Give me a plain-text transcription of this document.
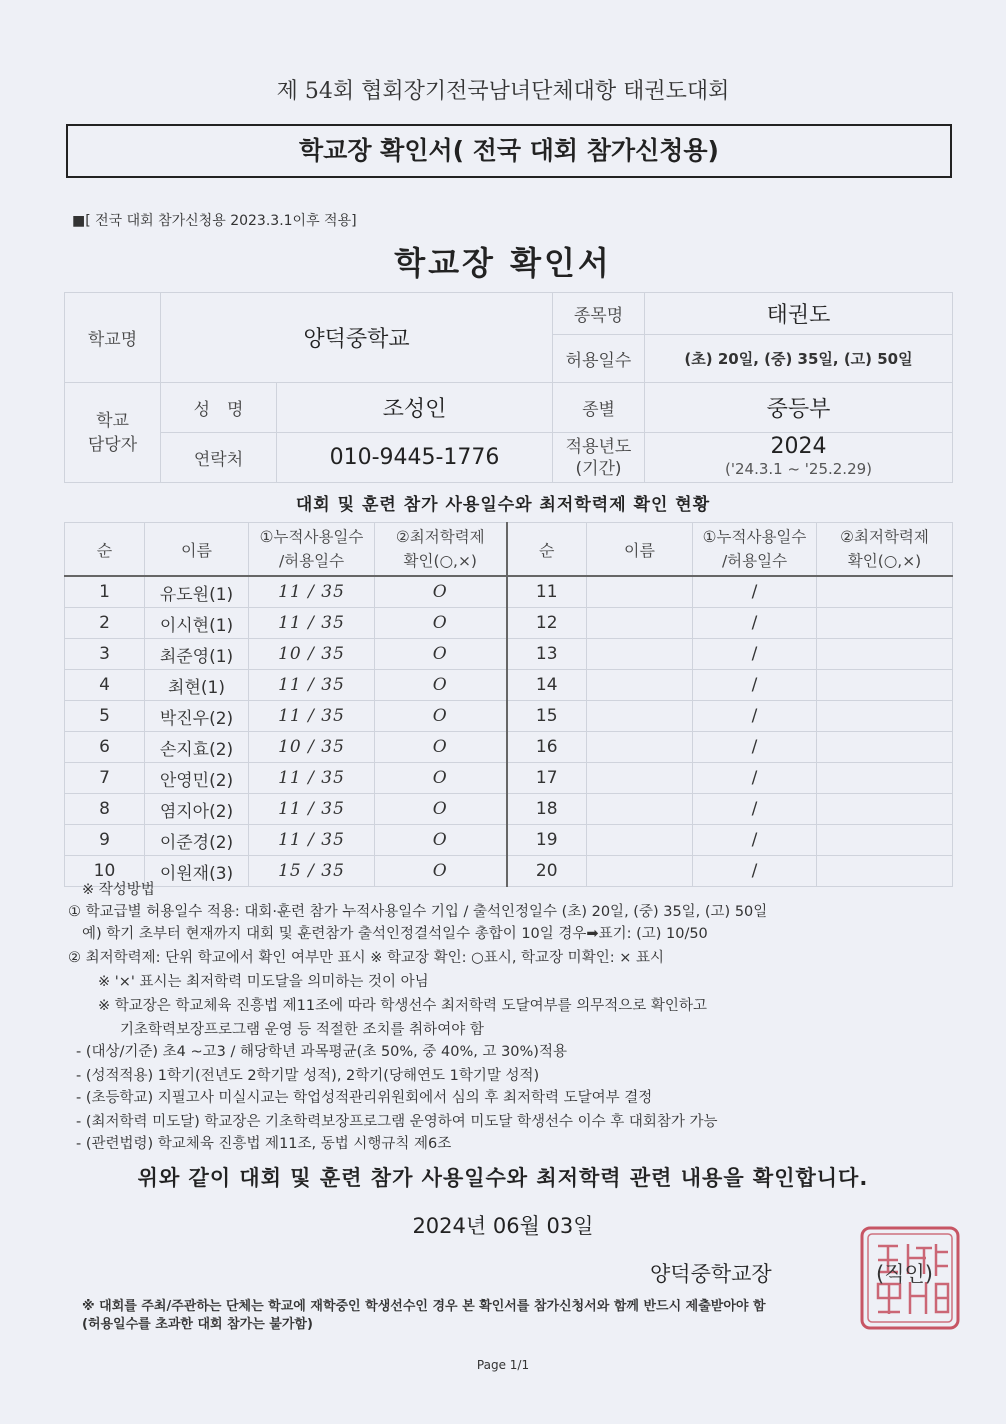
제 54회 협회장기전국남녀단체대항 태권도대회
학교장 확인서( 전국 대회 참가신청용)
■[ 전국 대회 참가신청용 2023.3.1이후 적용]
학교장 확인서
학교명	양덕중학교		종목명	태권도
			허용일수	(초) 20일, (중) 35일, (고) 50일
학교
담당자	성　명	조성인	종별	중등부
	연락처	010-9445-1776	적용년도
(기간)	2024
('24.3.1 ~ '25.2.29)
대회 및 훈련 참가 사용일수와 최저학력제 확인 현황
순	이름	①누적사용일수
/허용일수	②최저학력제
확인(○,×)	순	이름	①누적사용일수
/허용일수	②최저학력제
확인(○,×)
1	유도원(1)	11 / 35	O	11		/	
2	이시현(1)	11 / 35	O	12		/	
3	최준영(1)	10 / 35	O	13		/	
4	최현(1)	11 / 35	O	14		/	
5	박진우(2)	11 / 35	O	15		/	
6	손지효(2)	10 / 35	O	16		/	
7	안영민(2)	11 / 35	O	17		/	
8	염지아(2)	11 / 35	O	18		/	
9	이준경(2)	11 / 35	O	19		/	
10	이원재(3)	15 / 35	O	20		/	
※ 작성방법
① 학교급별 허용일수 적용: 대회·훈련 참가 누적사용일수 기입 / 출석인정일수 (초) 20일, (중) 35일, (고) 50일
예) 학기 초부터 현재까지 대회 및 훈련참가 출석인정결석일수 총합이 10일 경우➡표기: (고) 10/50
② 최저학력제: 단위 학교에서 확인 여부만 표시 ※ 학교장 확인: ○표시, 학교장 미확인: × 표시
※ '×' 표시는 최저학력 미도달을 의미하는 것이 아님
※ 학교장은 학교체육 진흥법 제11조에 따라 학생선수 최저학력 도달여부를 의무적으로 확인하고
기초학력보장프로그램 운영 등 적절한 조치를 취하여야 함
- (대상/기준) 초4 ~고3 / 해당학년 과목평균(초 50%, 중 40%, 고 30%)적용
- (성적적용) 1학기(전년도 2학기말 성적), 2학기(당해연도 1학기말 성적)
- (초등학교) 지필고사 미실시교는 학업성적관리위원회에서 심의 후 최저학력 도달여부 결정
- (최저학력 미도달) 학교장은 기초학력보장프로그램 운영하여 미도달 학생선수 이수 후 대회참가 가능
- (관련법령) 학교체육 진흥법 제11조, 동법 시행규칙 제6조
위와 같이 대회 및 훈련 참가 사용일수와 최저학력 관련 내용을 확인합니다.
2024년 06월 03일
양덕중학교장	(직인)
※ 대회를 주최/주관하는 단체는 학교에 재학중인 학생선수인 경우 본 확인서를 참가신청서와 함께 반드시 제출받아야 함
(허용일수를 초과한 대회 참가는 불가함)
Page 1/1
